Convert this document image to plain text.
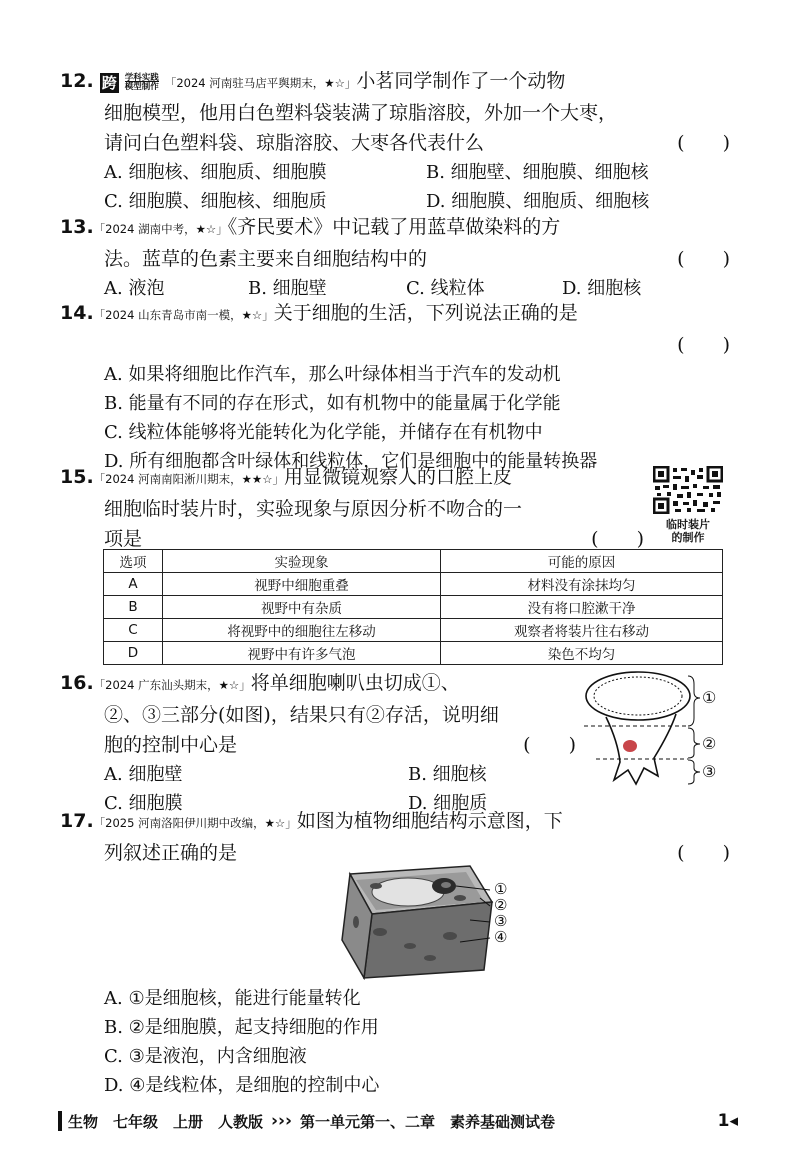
12. 跨 学科实践
模型制作 「2024 河南驻马店平舆期末，★☆」小茗同学制作了一个动物
细胞模型，他用白色塑料袋装满了琼脂溶胶，外加一个大枣，
请问白色塑料袋、琼脂溶胶、大枣各代表什么	(　　)
A. 细胞核、细胞质、细胞膜	B. 细胞壁、细胞膜、细胞核
C. 细胞膜、细胞核、细胞质	D. 细胞膜、细胞质、细胞核
13.「2024 湖南中考，★☆」《齐民要术》中记载了用蓝草做染料的方
法。蓝草的色素主要来自细胞结构中的	(　　)
A. 液泡	B. 细胞壁	C. 线粒体	D. 细胞核
14.「2024 山东青岛市南一模，★☆」关于细胞的生活，下列说法正确的是
(　　)
A. 如果将细胞比作汽车，那么叶绿体相当于汽车的发动机
B. 能量有不同的存在形式，如有机物中的能量属于化学能
C. 线粒体能够将光能转化为化学能，并储存在有机物中
D. 所有细胞都含叶绿体和线粒体，它们是细胞中的能量转换器
15.「2024 河南南阳淅川期末，★★☆」用显微镜观察人的口腔上皮
细胞临时装片时，实验现象与原因分析不吻合的一
项是	(　　)
临时装片
的制作
选项	实验现象	可能的原因
A	视野中细胞重叠	材料没有涂抹均匀
B	视野中有杂质	没有将口腔漱干净
C	将视野中的细胞往左移动	观察者将装片往右移动
D	视野中有许多气泡	染色不均匀
16.「2024 广东汕头期末，★☆」将单细胞喇叭虫切成①、
②、③三部分(如图)，结果只有②存活，说明细
胞的控制中心是	(　　)
A. 细胞壁	B. 细胞核
C. 细胞膜	D. 细胞质
①
②
③
17.「2025 河南洛阳伊川期中改编，★☆」如图为植物细胞结构示意图，下
列叙述正确的是	(　　)
①
②
③
④
A. ①是细胞核，能进行能量转化
B. ②是细胞膜，起支持细胞的作用
C. ③是液泡，内含细胞液
D. ④是线粒体，是细胞的控制中心
生物　七年级　上册　人教版 ››› 第一单元第一、二章　素养基础测试卷	1◂
